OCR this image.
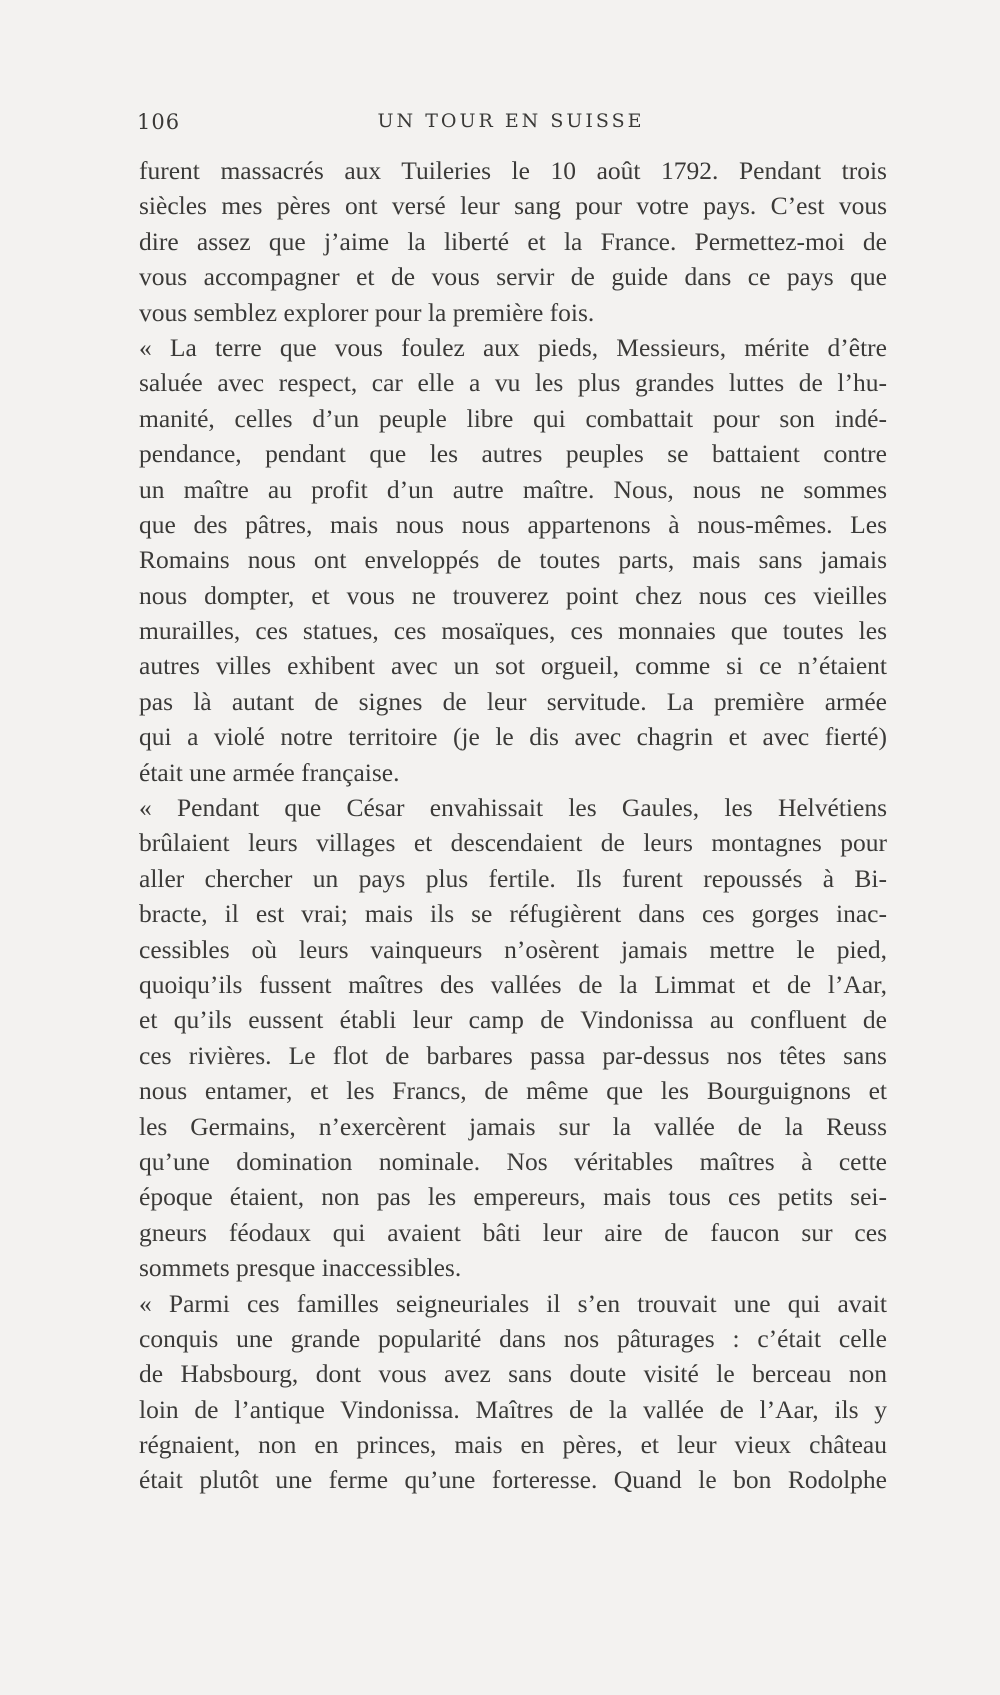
106	UN TOUR EN SUISSE
furent massacrés aux Tuileries le 10 août 1792. Pendant trois
siècles mes pères ont versé leur sang pour votre pays. C’est vous
dire assez que j’aime la liberté et la France. Permettez-moi de
vous accompagner et de vous servir de guide dans ce pays que
vous semblez explorer pour la première fois.
« La terre que vous foulez aux pieds, Messieurs, mérite d’être
saluée avec respect, car elle a vu les plus grandes luttes de l’hu-
manité, celles d’un peuple libre qui combattait pour son indé-
pendance, pendant que les autres peuples se battaient contre
un maître au profit d’un autre maître. Nous, nous ne sommes
que des pâtres, mais nous nous appartenons à nous-mêmes. Les
Romains nous ont enveloppés de toutes parts, mais sans jamais
nous dompter, et vous ne trouverez point chez nous ces vieilles
murailles, ces statues, ces mosaïques, ces monnaies que toutes les
autres villes exhibent avec un sot orgueil, comme si ce n’étaient
pas là autant de signes de leur servitude. La première armée
qui a violé notre territoire (je le dis avec chagrin et avec fierté)
était une armée française.
« Pendant que César envahissait les Gaules, les Helvétiens
brûlaient leurs villages et descendaient de leurs montagnes pour
aller chercher un pays plus fertile. Ils furent repoussés à Bi-
bracte, il est vrai; mais ils se réfugièrent dans ces gorges inac-
cessibles où leurs vainqueurs n’osèrent jamais mettre le pied,
quoiqu’ils fussent maîtres des vallées de la Limmat et de l’Aar,
et qu’ils eussent établi leur camp de Vindonissa au confluent de
ces rivières. Le flot de barbares passa par-dessus nos têtes sans
nous entamer, et les Francs, de même que les Bourguignons et
les Germains, n’exercèrent jamais sur la vallée de la Reuss
qu’une domination nominale. Nos véritables maîtres à cette
époque étaient, non pas les empereurs, mais tous ces petits sei-
gneurs féodaux qui avaient bâti leur aire de faucon sur ces
sommets presque inaccessibles.
« Parmi ces familles seigneuriales il s’en trouvait une qui avait
conquis une grande popularité dans nos pâturages : c’était celle
de Habsbourg, dont vous avez sans doute visité le berceau non
loin de l’antique Vindonissa. Maîtres de la vallée de l’Aar, ils y
régnaient, non en princes, mais en pères, et leur vieux château
était plutôt une ferme qu’une forteresse. Quand le bon Rodolphe
